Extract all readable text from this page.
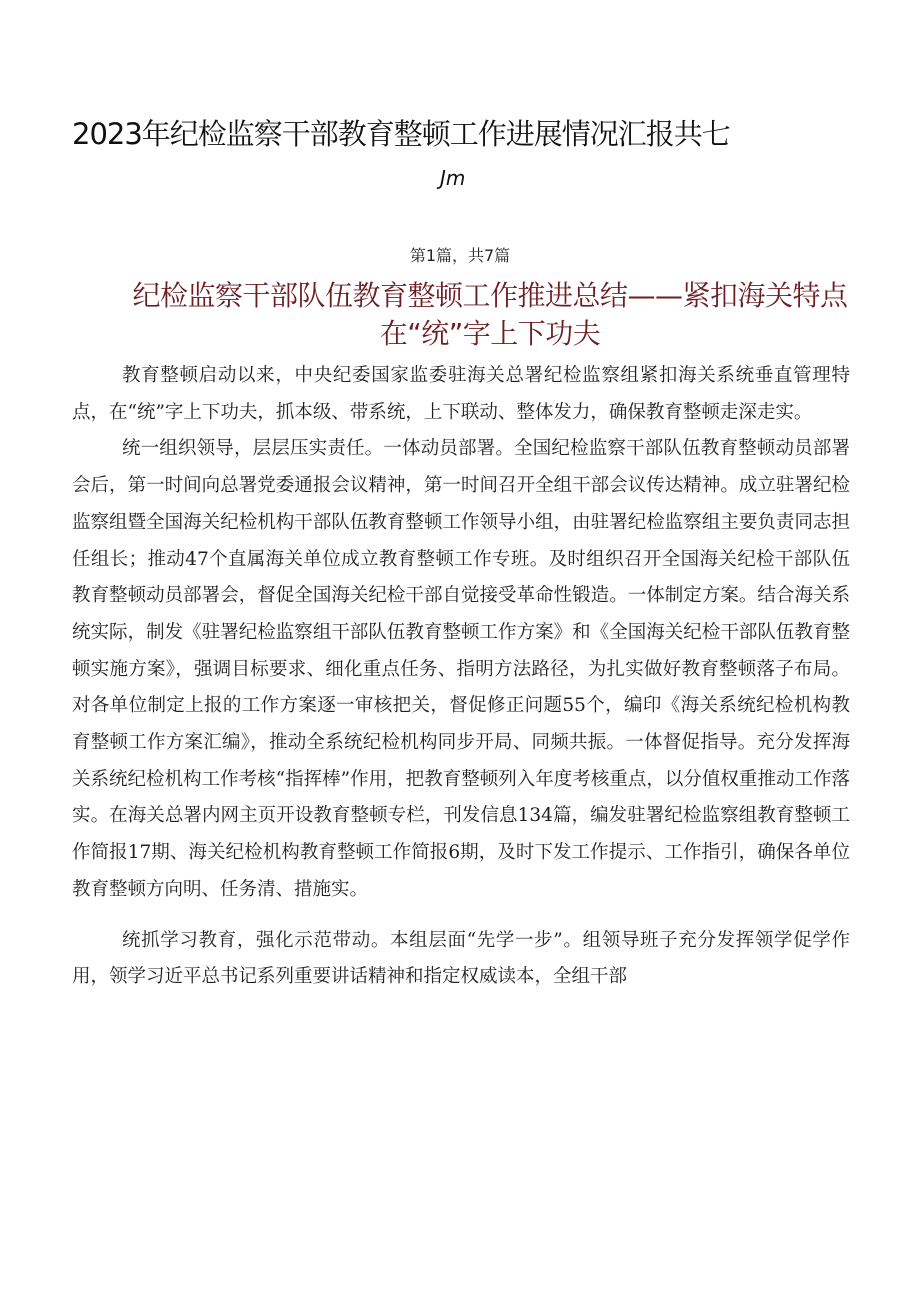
2023年纪检监察干部教育整顿工作进展情况汇报共七
Jm
第1篇，共7篇
纪检监察干部队伍教育整顿工作推进总结——紧扣海关特点在“统”字上下功夫

教育整顿启动以来，中央纪委国家监委驻海关总署纪检监察组紧扣海关系统垂直管理特点，在“统”字上下功夫，抓本级、带系统，上下联动、整体发力，确保教育整顿走深走实。

统一组织领导，层层压实责任。一体动员部署。全国纪检监察干部队伍教育整顿动员部署会后，第一时间向总署党委通报会议精神，第一时间召开全组干部会议传达精神。成立驻署纪检监察组暨全国海关纪检机构干部队伍教育整顿工作领导小组，由驻署纪检监察组主要负责同志担任组长；推动47个直属海关单位成立教育整顿工作专班。及时组织召开全国海关纪检干部队伍教育整顿动员部署会，督促全国海关纪检干部自觉接受革命性锻造。一体制定方案。结合海关系统实际，制发《驻署纪检监察组干部队伍教育整顿工作方案》和《全国海关纪检干部队伍教育整顿实施方案》，强调目标要求、细化重点任务、指明方法路径，为扎实做好教育整顿落子布局。对各单位制定上报的工作方案逐一审核把关，督促修正问题55个，编印《海关系统纪检机构教育整顿工作方案汇编》，推动全系统纪检机构同步开局、同频共振。一体督促指导。充分发挥海关系统纪检机构工作考核“指挥棒”作用，把教育整顿列入年度考核重点，以分值权重推动工作落实。在海关总署内网主页开设教育整顿专栏，刊发信息134篇，编发驻署纪检监察组教育整顿工作简报17期、海关纪检机构教育整顿工作简报6期，及时下发工作提示、工作指引，确保各单位教育整顿方向明、任务清、措施实。

统抓学习教育，强化示范带动。本组层面“先学一步”。组领导班子充分发挥领学促学作用，领学习近平总书记系列重要讲话精神和指定权威读本，全组干部
